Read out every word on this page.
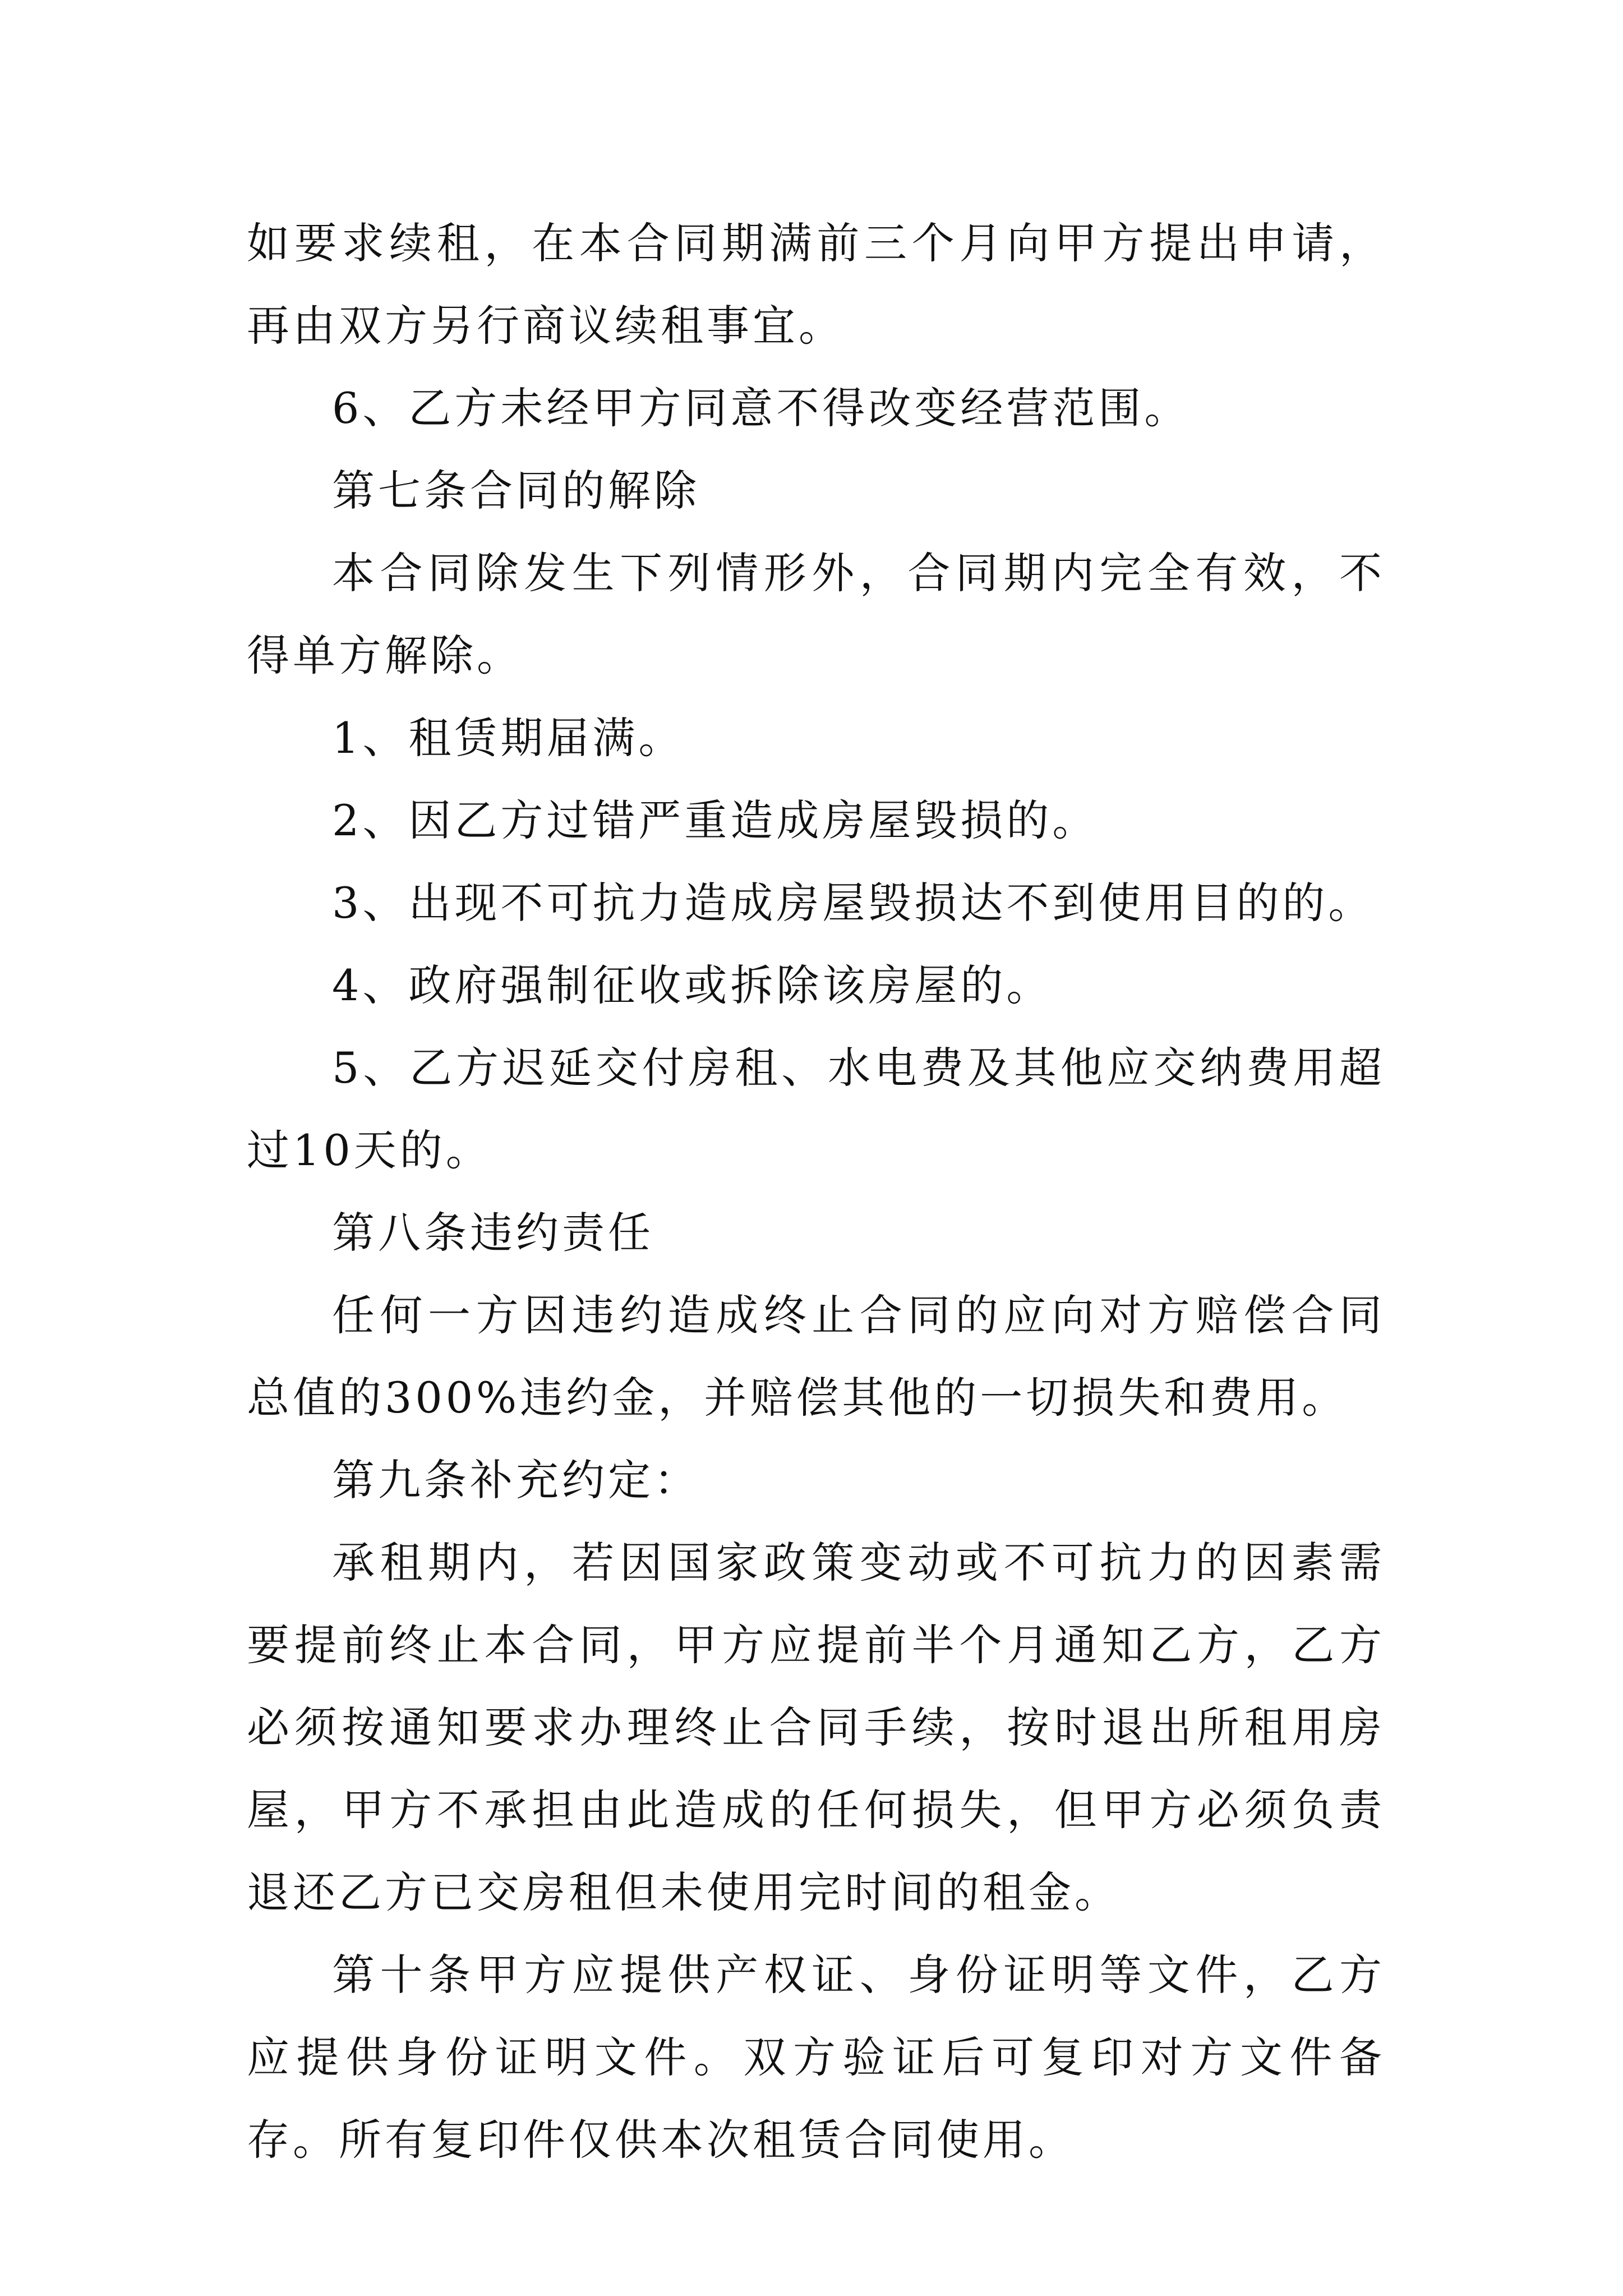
如要求续租，在本合同期满前三个月向甲方提出申请，再由双方另行商议续租事宜。

6、乙方未经甲方同意不得改变经营范围。

第七条合同的解除

本合同除发生下列情形外，合同期内完全有效，不得单方解除。

1、租赁期届满。

2、因乙方过错严重造成房屋毁损的。

3、出现不可抗力造成房屋毁损达不到使用目的的。

4、政府强制征收或拆除该房屋的。

5、乙方迟延交付房租、水电费及其他应交纳费用超过10天的。

第八条违约责任

任何一方因违约造成终止合同的应向对方赔偿合同总值的300%违约金，并赔偿其他的一切损失和费用。

第九条补充约定：

承租期内，若因国家政策变动或不可抗力的因素需要提前终止本合同，甲方应提前半个月通知乙方，乙方必须按通知要求办理终止合同手续，按时退出所租用房屋，甲方不承担由此造成的任何损失，但甲方必须负责退还乙方已交房租但未使用完时间的租金。

第十条甲方应提供产权证、身份证明等文件，乙方应提供身份证明文件。双方验证后可复印对方文件备存。所有复印件仅供本次租赁合同使用。
